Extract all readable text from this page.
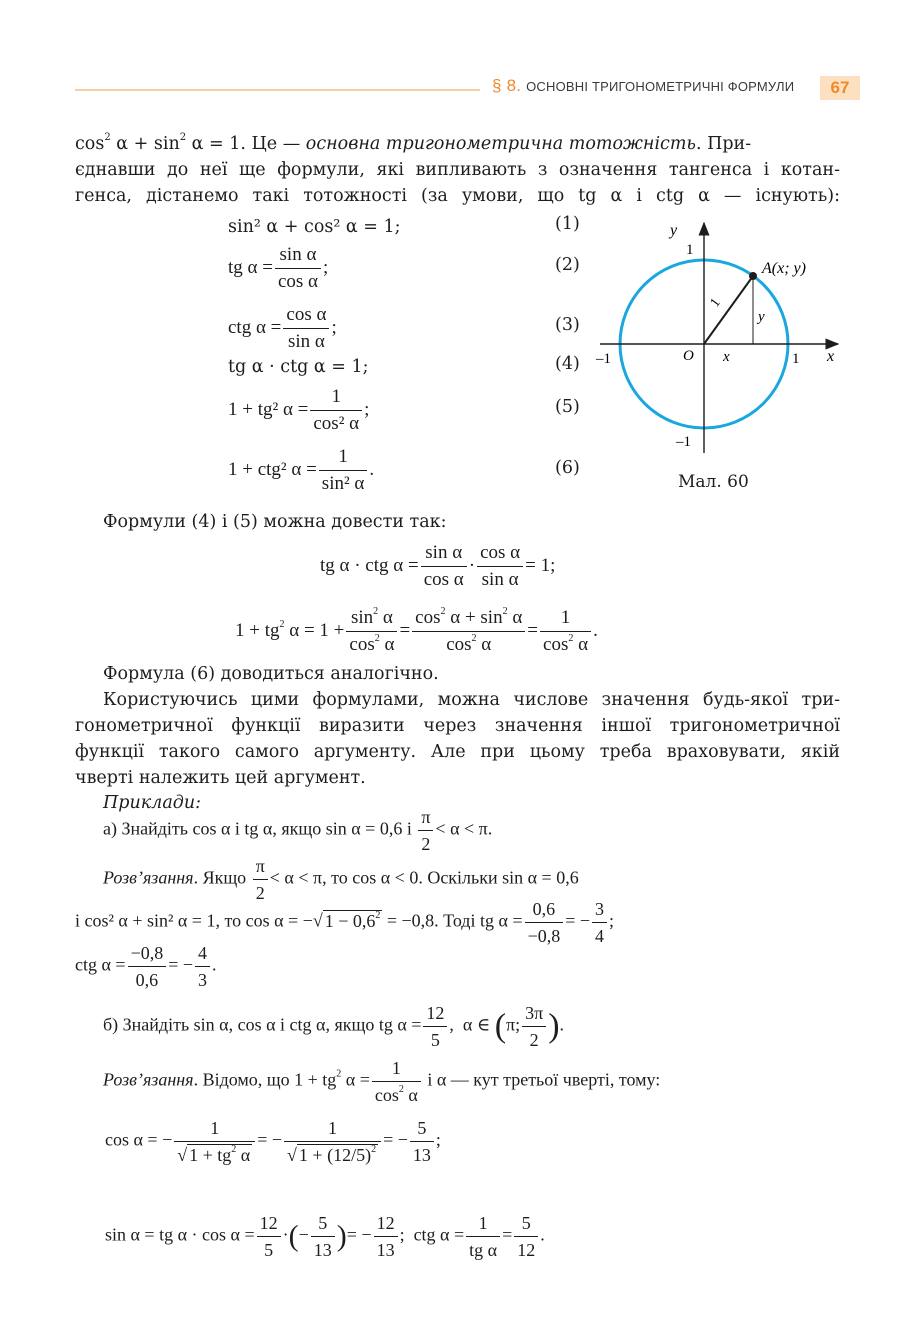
§ 8. ОСНОВНІ ТРИГОНОМЕТРИЧНІ ФОРМУЛИ	67
$\cos^2 \alpha + \sin^2 \alpha = 1$. Це — основна тригонометрична тотожність. При-
єднавши до неї ще формули, які випливають з означення тангенса і котан-
генса, дістанемо такі тотожності (за умови, що tg α і ctg α — існують):
sin² α + cos² α = 1;	(1)
tg $\alpha = \frac{\text{sin α}}{\text{cos α}}$ ;	(2)
ctg $\alpha = \frac{\text{cos α}}{\text{sin α}}$ ;	(3)
tg α · ctg α = 1;	(4)
1 + tg² $\alpha = \frac{1}{\text{cos² α}}$ ;	(5)
1 + ctg² $\alpha = \frac{1}{\text{sin² α}}$ .	(6)
y
1
–1	O x	1 x
–1
y
1
A(x; y)
Мал. 60
Формули (4) і (5) можна довести так:
tg α · ctg $\alpha = \frac{\text{sin α}}{\text{cos α}} \cdot \frac{\text{cos α}}{\text{sin α}} = 1$;
$1 + tg^2$ $\alpha = 1 + \frac{\sin^2 \alpha}{\cos^2 \alpha} = \frac{\cos^2 \alpha + \sin^2 \alpha}{\cos^2 \alpha} = \frac{1}{\cos^2 \alpha}$ .
Формула (6) доводиться аналогічно.
Користуючись цими формулами, можна числове значення будь-якої три-
гонометричної функції виразити через значення іншої тригонометричної
функції такого самого аргументу. Але при цьому треба враховувати, якій
чверті належить цей аргумент.
Приклади:
а) Знайдіть cos α і tg α, якщо sin α = 0,6 і $\frac{\pi}{2} < \alpha < \pi$.
Розв’язання. Якщо $\frac{\pi}{2} < \alpha < \pi$, то cos α < 0. Оскільки sin α = 0,6
і cos² α + sin² α = 1, то cos α = −√ $1 - 0,6^2 = -0,8$. Тоді tg $\alpha = \frac{0,6}{-0,8}$ = − $\frac{3}{4}$ ;
ctg $\alpha = \frac{-0,8}{0,6}$ = − $\frac{4}{3}$ .
б) Знайдіть sin α, cos α і ctg α, якщо tg $\alpha = \frac{12}{5}$ ,  α ∈ (π; $\frac{3\pi}{2}$ ).
Розв’язання. Відомо, що $1 + tg^2$ $\alpha = \frac{1}{\cos^2 \alpha}$ і α — кут третьої чверті, тому:
cos α = − $\frac{1}{√ 1 + tg^2 \alpha}$ = − $\frac{1}{√ 1 + (12/5)^2}$ = − $\frac{5}{13}$ ;
sin α = tg $\alpha \cdot \cos \alpha = \frac{12}{5}$ ·(− $\frac{5}{13}$ )= − $\frac{12}{13}$ ;  ctg $\alpha = \frac{1}{\text{tg α}} = \frac{5}{12}$ .
